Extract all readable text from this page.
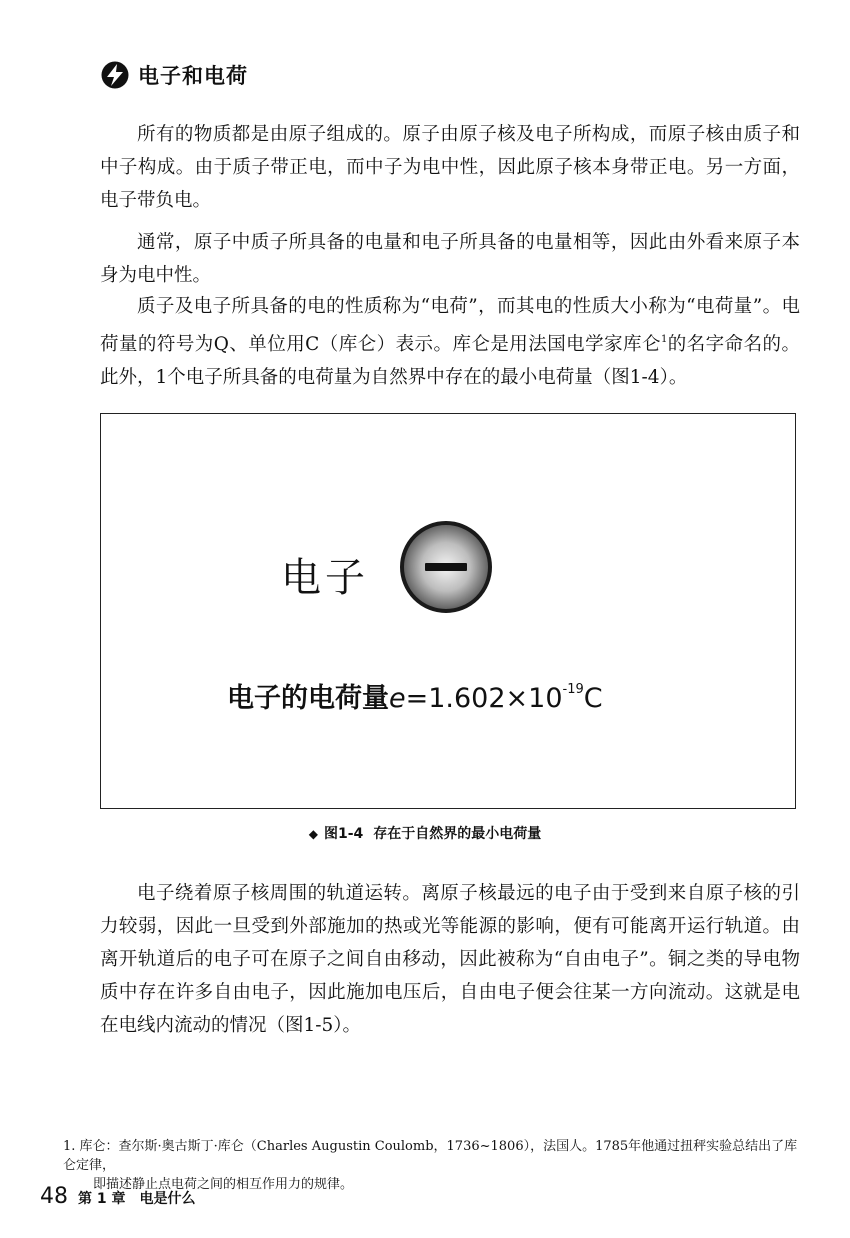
电子和电荷

所有的物质都是由原子组成的。原子由原子核及电子所构成，而原子核由质子和中子构成。由于质子带正电，而中子为电中性，因此原子核本身带正电。另一方面，电子带负电。

通常，原子中质子所具备的电量和电子所具备的电量相等，因此由外看来原子本身为电中性。

质子及电子所具备的电的性质称为“电荷”，而其电的性质大小称为“电荷量”。电荷量的符号为Q、单位用C（库仑）表示。库仑是用法国电学家库仑$^1$的名字命名的。此外，1个电子所具备的电荷量为自然界中存在的最小电荷量（图1-4）。

电子
电子的电荷量$e=1.602\times 10^{-19}C$
◆ 图1-4 存在于自然界的最小电荷量

电子绕着原子核周围的轨道运转。离原子核最远的电子由于受到来自原子核的引力较弱，因此一旦受到外部施加的热或光等能源的影响，便有可能离开运行轨道。由离开轨道后的电子可在原子之间自由移动，因此被称为“自由电子”。铜之类的导电物质中存在许多自由电子，因此施加电压后，自由电子便会往某一方向流动。这就是电在电线内流动的情况（图1-5）。

1. 库仑：查尔斯·奥古斯丁·库仑（Charles Augustin Coulomb，1736~1806），法国人。1785年他通过扭秤实验总结出了库仑定律，
即描述静止点电荷之间的相互作用力的规律。
48 第 1 章 电是什么
